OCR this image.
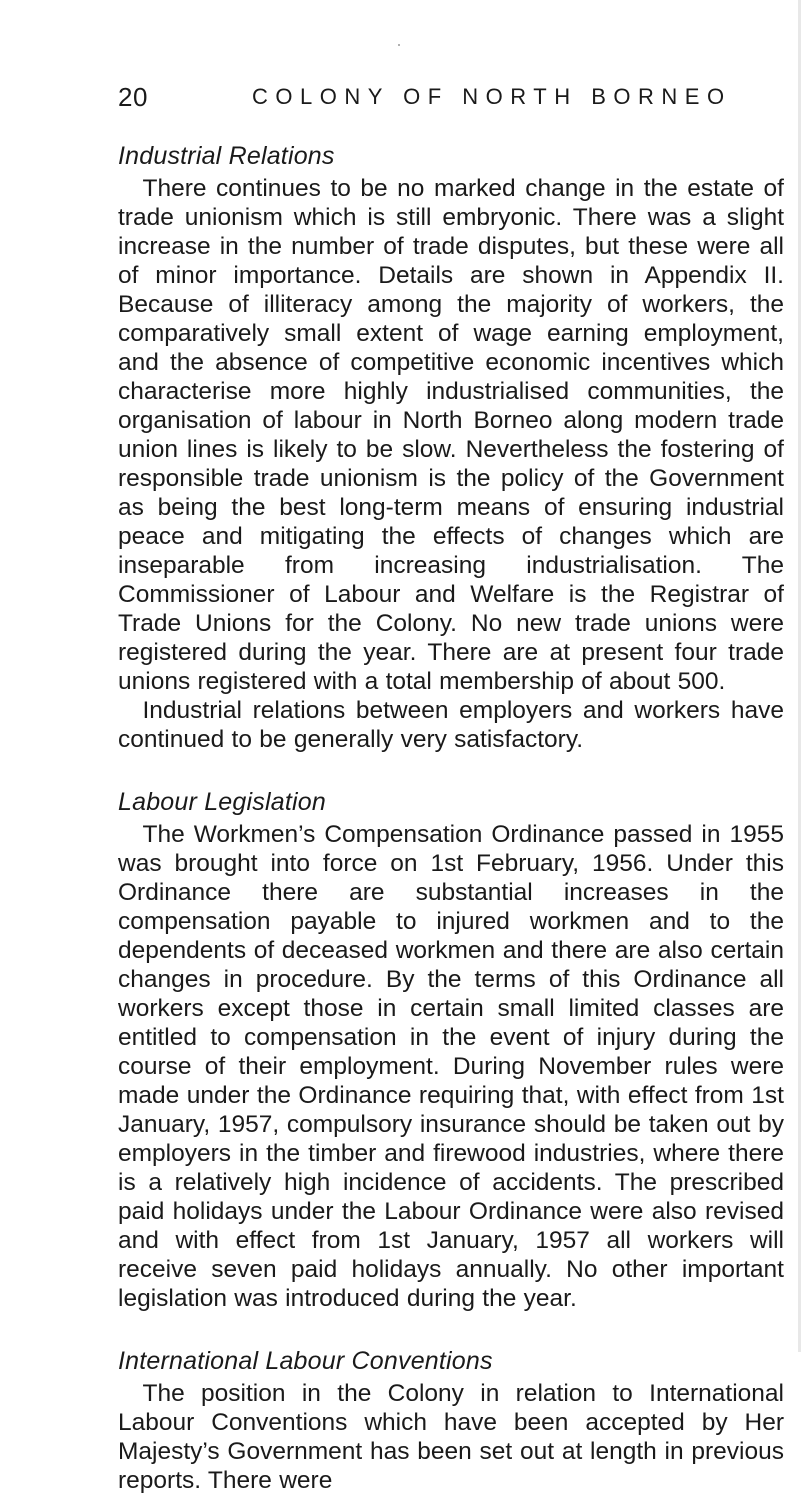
20	COLONY OF NORTH BORNEO
Industrial Relations

There continues to be no marked change in the estate of trade unionism which is still embryonic. There was a slight increase in the number of trade disputes, but these were all of minor importance. Details are shown in Appendix II. Because of illiteracy among the majority of workers, the comparatively small extent of wage earning employment, and the absence of competitive economic incentives which characterise more highly industrialised communities, the organisation of labour in North Borneo along modern trade union lines is likely to be slow. Nevertheless the fostering of responsible trade unionism is the policy of the Government as being the best long-term means of ensuring industrial peace and mitigating the effects of changes which are inseparable from increasing industrialisation. The Commissioner of Labour and Welfare is the Registrar of Trade Unions for the Colony. No new trade unions were registered during the year. There are at present four trade unions registered with a total membership of about 500.

Industrial relations between employers and workers have continued to be generally very satisfactory.

Labour Legislation

The Workmen’s Compensation Ordinance passed in 1955 was brought into force on 1st February, 1956. Under this Ordinance there are substantial increases in the compensation payable to injured workmen and to the dependents of deceased workmen and there are also certain changes in procedure. By the terms of this Ordinance all workers except those in certain small limited classes are entitled to compensation in the event of injury during the course of their employment. During November rules were made under the Ordinance requiring that, with effect from 1st January, 1957, compulsory insurance should be taken out by employers in the timber and firewood industries, where there is a relatively high incidence of accidents. The prescribed paid holidays under the Labour Ordinance were also revised and with effect from 1st January, 1957 all workers will receive seven paid holidays annually. No other important legislation was introduced during the year.

International Labour Conventions

The position in the Colony in relation to International Labour Conventions which have been accepted by Her Majesty’s Government has been set out at length in previous reports. There were
